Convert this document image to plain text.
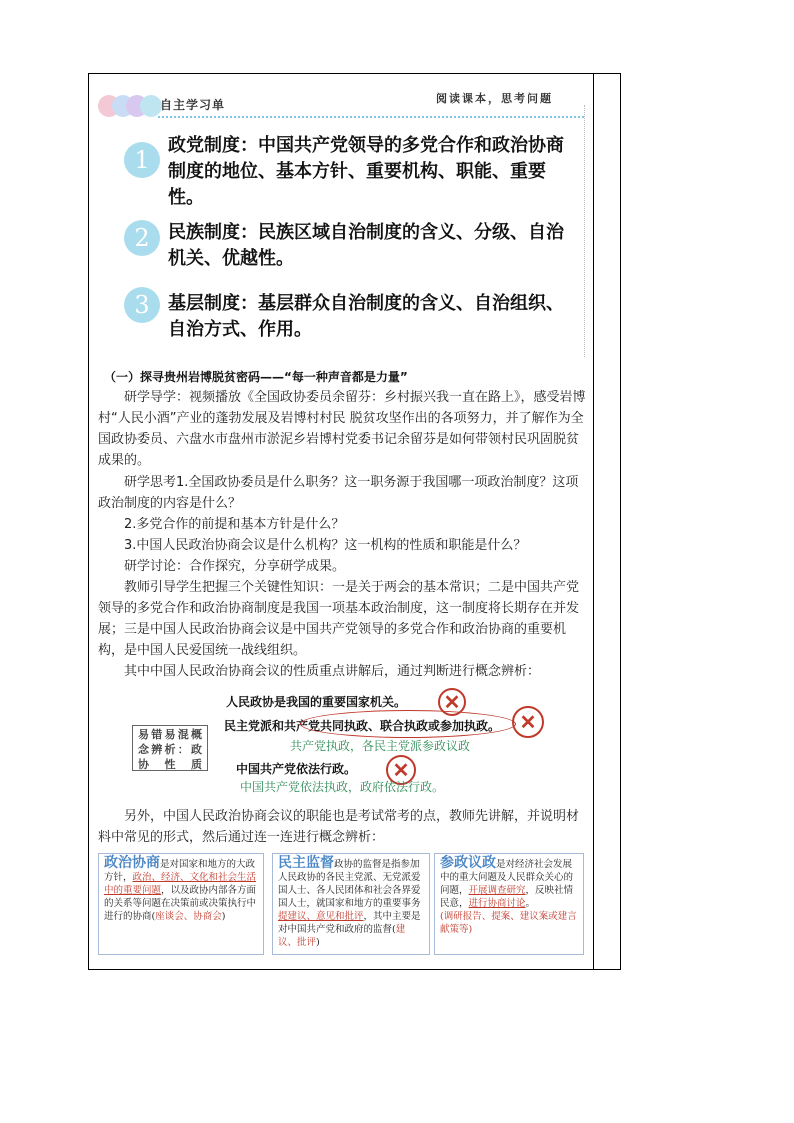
自主学习单	阅读课本，思考问题
1
政党制度：中国共产党领导的多党合作和政治协商制度的地位、基本方针、重要机构、职能、重要性。
2	民族制度：民族区域自治制度的含义、分级、自治机关、优越性。
3	基层制度：基层群众自治制度的含义、自治组织、自治方式、作用。
（一）探寻贵州岩博脱贫密码——“每一种声音都是力量”
研学导学：视频播放《全国政协委员余留芬：乡村振兴我一直在路上》，感受岩博村“人民小酒”产业的蓬勃发展及岩博村村民 脱贫攻坚作出的各项努力，并了解作为全国政协委员、六盘水市盘州市淤泥乡岩博村党委书记余留芬是如何带领村民巩固脱贫成果的。
研学思考1.全国政协委员是什么职务？这一职务源于我国哪一项政治制度？这项政治制度的内容是什么？
2.多党合作的前提和基本方针是什么？
3.中国人民政治协商会议是什么机构？这一机构的性质和职能是什么？
研学讨论：合作探究，分享研学成果。
教师引导学生把握三个关键性知识：一是关于两会的基本常识；二是中国共产党领导的多党合作和政治协商制度是我国一项基本政治制度，这一制度将长期存在并发展；三是中国人民政治协商会议是中国共产党领导的多党合作和政治协商的重要机构，是中国人民爱国统一战线组织。
其中中国人民政治协商会议的性质重点讲解后，通过判断进行概念辨析：
易错易混概念辨析：政协性质
人民政协是我国的重要国家机关。 ✕
民主党派和共产党共同执政、联合执政或参加执政。 ✕
共产党执政，各民主党派参政议政
中国共产党依法行政。	✕
中国共产党依法执政，政府依法行政。
另外，中国人民政治协商会议的职能也是考试常考的点，教师先讲解，并说明材料中常见的形式，然后通过连一连进行概念辨析：
政治协商是对国家和地方的大政方针，政治、经济、文化和社会生活中的重要问题，以及政协内部各方面的关系等问题在决策前或决策执行中进行的协商(座谈会、协商会)
民主监督政协的监督是指参加人民政协的各民主党派、无党派爱国人士、各人民团体和社会各界爱国人士，就国家和地方的重要事务提建议、意见和批评，其中主要是对中国共产党和政府的监督(建议、批评)
参政议政是对经济社会发展中的重大问题及人民群众关心的问题，开展调查研究，反映社情民意，进行协商讨论。
(调研报告、提案、建议案或建言献策等)
